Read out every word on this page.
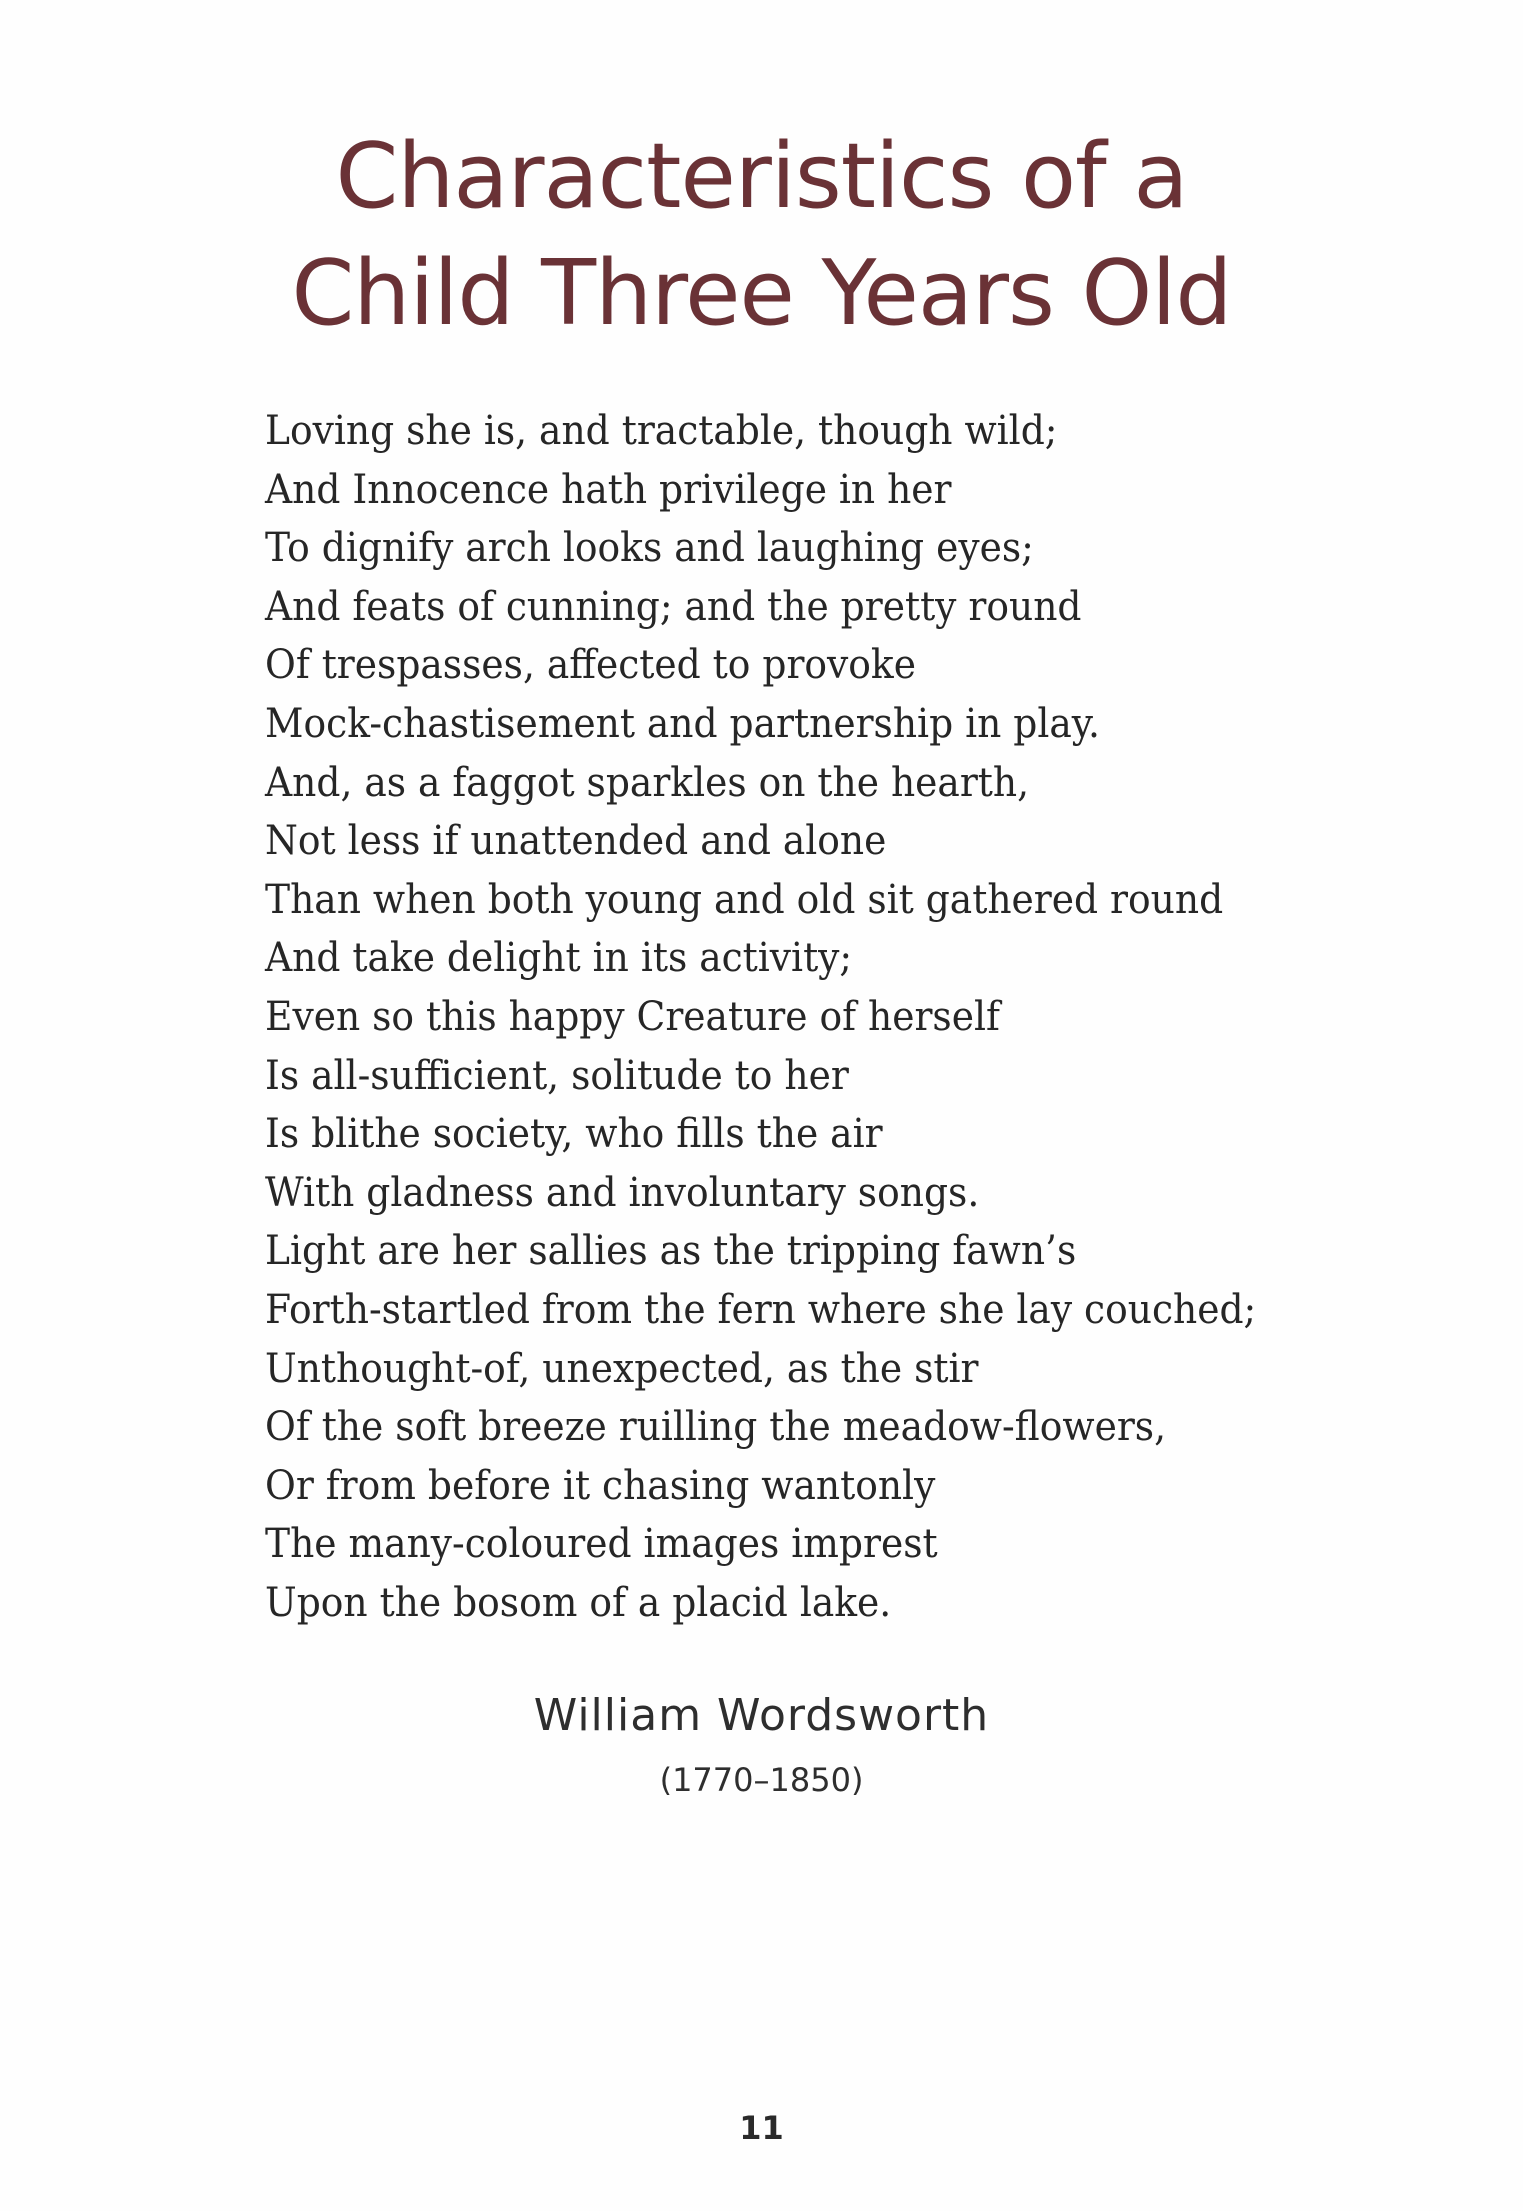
Characteristics of a
Child Three Years Old
Loving she is, and tractable, though wild;
And Innocence hath privilege in her
To dignify arch looks and laughing eyes;
And feats of cunning; and the pretty round
Of trespasses, affected to provoke
Mock-chastisement and partnership in play.
And, as a faggot sparkles on the hearth,
Not less if unattended and alone
Than when both young and old sit gathered round
And take delight in its activity;
Even so this happy Creature of herself
Is all-sufficient, solitude to her
Is blithe society, who fills the air
With gladness and involuntary songs.
Light are her sallies as the tripping fawn’s
Forth-startled from the fern where she lay couched;
Unthought-of, unexpected, as the stir
Of the soft breeze ruilling the meadow-flowers,
Or from before it chasing wantonly
The many-coloured images imprest
Upon the bosom of a placid lake.
William Wordsworth
(1770–1850)
11
